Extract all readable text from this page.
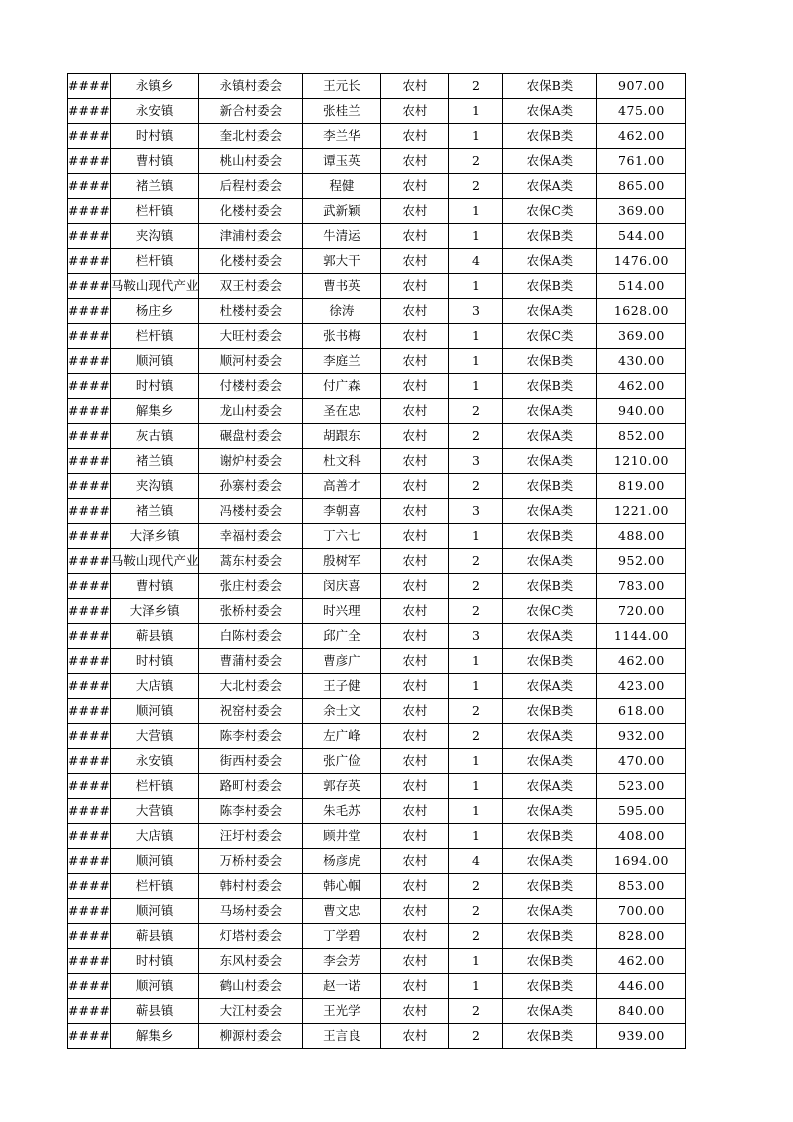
####	永镇乡	永镇村委会	王元长	农村	2	农保B类	907.00
####	永安镇	新合村委会	张桂兰	农村	1	农保A类	475.00
####	时村镇	奎北村委会	李兰华	农村	1	农保B类	462.00
####	曹村镇	桃山村委会	谭玉英	农村	2	农保A类	761.00
####	褚兰镇	后程村委会	程健	农村	2	农保A类	865.00
####	栏杆镇	化楼村委会	武新颖	农村	1	农保C类	369.00
####	夹沟镇	津浦村委会	牛清运	农村	1	农保B类	544.00
####	栏杆镇	化楼村委会	郭大干	农村	4	农保A类	1476.00
####	马鞍山现代产业	双王村委会	曹书英	农村	1	农保B类	514.00
####	杨庄乡	杜楼村委会	徐涛	农村	3	农保A类	1628.00
####	栏杆镇	大旺村委会	张书梅	农村	1	农保C类	369.00
####	顺河镇	顺河村委会	李庭兰	农村	1	农保B类	430.00
####	时村镇	付楼村委会	付广森	农村	1	农保B类	462.00
####	解集乡	龙山村委会	圣在忠	农村	2	农保A类	940.00
####	灰古镇	碾盘村委会	胡跟东	农村	2	农保A类	852.00
####	褚兰镇	谢炉村委会	杜文科	农村	3	农保A类	1210.00
####	夹沟镇	孙寨村委会	高善才	农村	2	农保B类	819.00
####	褚兰镇	冯楼村委会	李朝喜	农村	3	农保A类	1221.00
####	大泽乡镇	幸福村委会	丁六七	农村	1	农保B类	488.00
####	马鞍山现代产业	蒿东村委会	殷树军	农村	2	农保A类	952.00
####	曹村镇	张庄村委会	闵庆喜	农村	2	农保B类	783.00
####	大泽乡镇	张桥村委会	时兴理	农村	2	农保C类	720.00
####	蕲县镇	白陈村委会	邱广全	农村	3	农保A类	1144.00
####	时村镇	曹蒲村委会	曹彦广	农村	1	农保B类	462.00
####	大店镇	大北村委会	王子健	农村	1	农保A类	423.00
####	顺河镇	祝窑村委会	余士文	农村	2	农保B类	618.00
####	大营镇	陈李村委会	左广峰	农村	2	农保A类	932.00
####	永安镇	街西村委会	张广俭	农村	1	农保A类	470.00
####	栏杆镇	路町村委会	郭存英	农村	1	农保A类	523.00
####	大营镇	陈李村委会	朱毛苏	农村	1	农保A类	595.00
####	大店镇	汪圩村委会	顾井堂	农村	1	农保B类	408.00
####	顺河镇	万桥村委会	杨彦虎	农村	4	农保A类	1694.00
####	栏杆镇	韩村村委会	韩心帼	农村	2	农保B类	853.00
####	顺河镇	马场村委会	曹文忠	农村	2	农保A类	700.00
####	蕲县镇	灯塔村委会	丁学碧	农村	2	农保B类	828.00
####	时村镇	东风村委会	李会芳	农村	1	农保B类	462.00
####	顺河镇	鹤山村委会	赵一诺	农村	1	农保B类	446.00
####	蕲县镇	大江村委会	王光学	农村	2	农保A类	840.00
####	解集乡	柳源村委会	王言良	农村	2	农保B类	939.00
